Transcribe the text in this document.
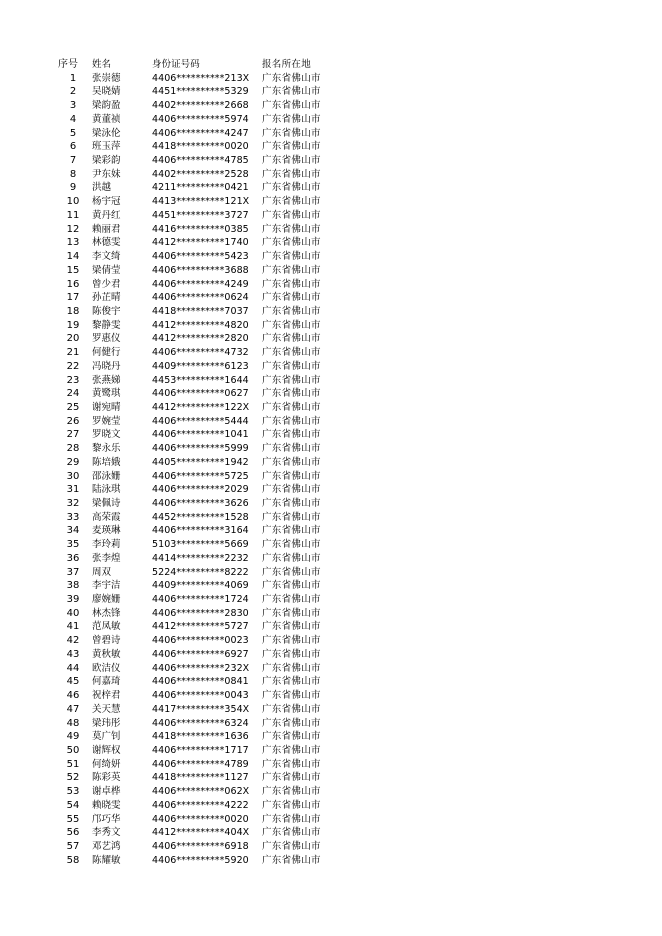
序号	姓名	身份证号码	报名所在地
1	张崇德	4406**********213X	广东省佛山市
2	吴晓婧	4451**********5329	广东省佛山市
3	梁韵盈	4402**********2668	广东省佛山市
4	黄董祯	4406**********5974	广东省佛山市
5	梁泳伦	4406**********4247	广东省佛山市
6	班玉萍	4418**********0020	广东省佛山市
7	梁彩韵	4406**********4785	广东省佛山市
8	尹东妹	4402**********2528	广东省佛山市
9	洪越	4211**********0421	广东省佛山市
10	杨宇冠	4413**********121X	广东省佛山市
11	黄丹红	4451**********3727	广东省佛山市
12	赖丽君	4416**********0385	广东省佛山市
13	林德雯	4412**********1740	广东省佛山市
14	李文绮	4406**********5423	广东省佛山市
15	梁倩莹	4406**********3688	广东省佛山市
16	曾少君	4406**********4249	广东省佛山市
17	孙芷晴	4406**********0624	广东省佛山市
18	陈俊宇	4418**********7037	广东省佛山市
19	黎静雯	4412**********4820	广东省佛山市
20	罗惠仪	4412**********2820	广东省佛山市
21	何健行	4406**********4732	广东省佛山市
22	冯晓丹	4409**********6123	广东省佛山市
23	张燕娣	4453**********1644	广东省佛山市
24	黄鹭琪	4406**********0627	广东省佛山市
25	谢宛晴	4412**********122X	广东省佛山市
26	罗婉莹	4406**********5444	广东省佛山市
27	罗晓文	4406**********1041	广东省佛山市
28	黎永乐	4406**********5999	广东省佛山市
29	陈培娥	4405**********1942	广东省佛山市
30	邵泳姗	4406**********5725	广东省佛山市
31	陆泳琪	4406**********2029	广东省佛山市
32	梁佩诗	4406**********3626	广东省佛山市
33	高荣霞	4452**********1528	广东省佛山市
34	麦瑛琳	4406**********3164	广东省佛山市
35	李玲莉	5103**********5669	广东省佛山市
36	张李煌	4414**********2232	广东省佛山市
37	周双	5224**********8222	广东省佛山市
38	李宇洁	4409**********4069	广东省佛山市
39	廖婉姗	4406**********1724	广东省佛山市
40	林杰锋	4406**********2830	广东省佛山市
41	范凤敏	4412**********5727	广东省佛山市
42	曾碧诗	4406**********0023	广东省佛山市
43	黄秋敏	4406**********6927	广东省佛山市
44	欧洁仪	4406**********232X	广东省佛山市
45	何嘉琦	4406**********0841	广东省佛山市
46	祝梓君	4406**********0043	广东省佛山市
47	关天慧	4417**********354X	广东省佛山市
48	梁玮彤	4406**********6324	广东省佛山市
49	莫广钊	4418**********1636	广东省佛山市
50	谢辉权	4406**********1717	广东省佛山市
51	何绮妍	4406**********4789	广东省佛山市
52	陈彩英	4418**********1127	广东省佛山市
53	谢卓桦	4406**********062X	广东省佛山市
54	赖晓雯	4406**********4222	广东省佛山市
55	邝巧华	4406**********0020	广东省佛山市
56	李秀文	4412**********404X	广东省佛山市
57	邓艺鸿	4406**********6918	广东省佛山市
58	陈耀敏	4406**********5920	广东省佛山市
